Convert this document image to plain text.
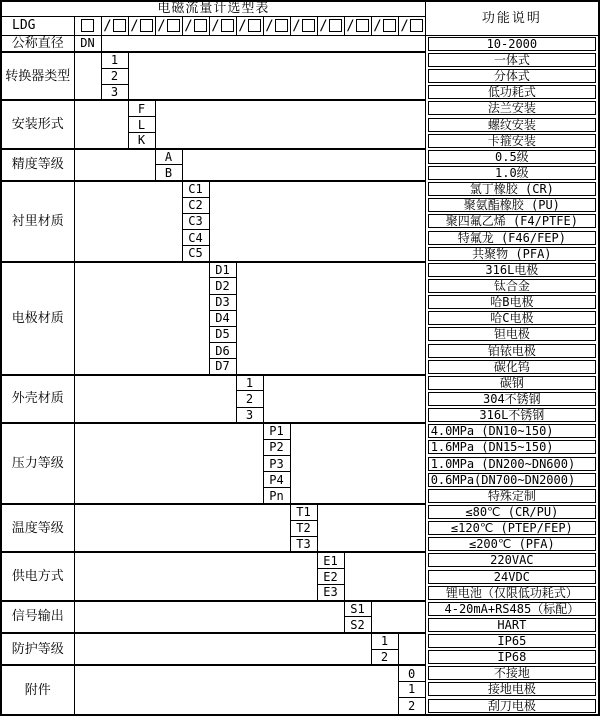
电磁流量计选型表														功能说明
LDG		/	/	/	/	/	/	/	/	/	/	/	/	
公称直径	DN													10-2000

转换器类型		1												一体式

		2												分体式

		3												低功耗式

安装形式			F											法兰安装

			L											螺纹安装

			K											卡箍安装

精度等级				A										0.5级

				B										1.0级

衬里材质					C1									氯丁橡胶 (CR)

					C2									聚氨酯橡胶 (PU)

					C3									聚四氟乙烯 (F4/PTFE)

					C4									特氟龙 (F46/FEP)

					C5									共聚物 (PFA)

电极材质						D1								316L电极

						D2								钛合金

						D3								哈B电极

						D4								哈C电极

						D5								钽电极

						D6								铂铱电极

						D7								碳化钨

外壳材质							1							碳钢

							2							304不锈钢

							3							316L不锈钢

压力等级								P1						4.0MPa (DN10~150)

								P2						1.6MPa (DN15~150)

								P3						1.0MPa (DN200~DN600)

								P4						0.6MPa(DN700~DN2000)

								Pn						特殊定制

温度等级									T1					≤80℃ (CR/PU)

									T2					≤120℃ (PTEP/FEP)

									T3					≤200℃ (PFA)

供电方式										E1				220VAC

										E2				24VDC

										E3				锂电池（仅限低功耗式）

信号输出											S1			4-20mA+RS485（标配）

											S2			HART

防护等级												1		IP65

												2		IP68

附件													0	不接地

													1	接地电极

													2	刮刀电极
